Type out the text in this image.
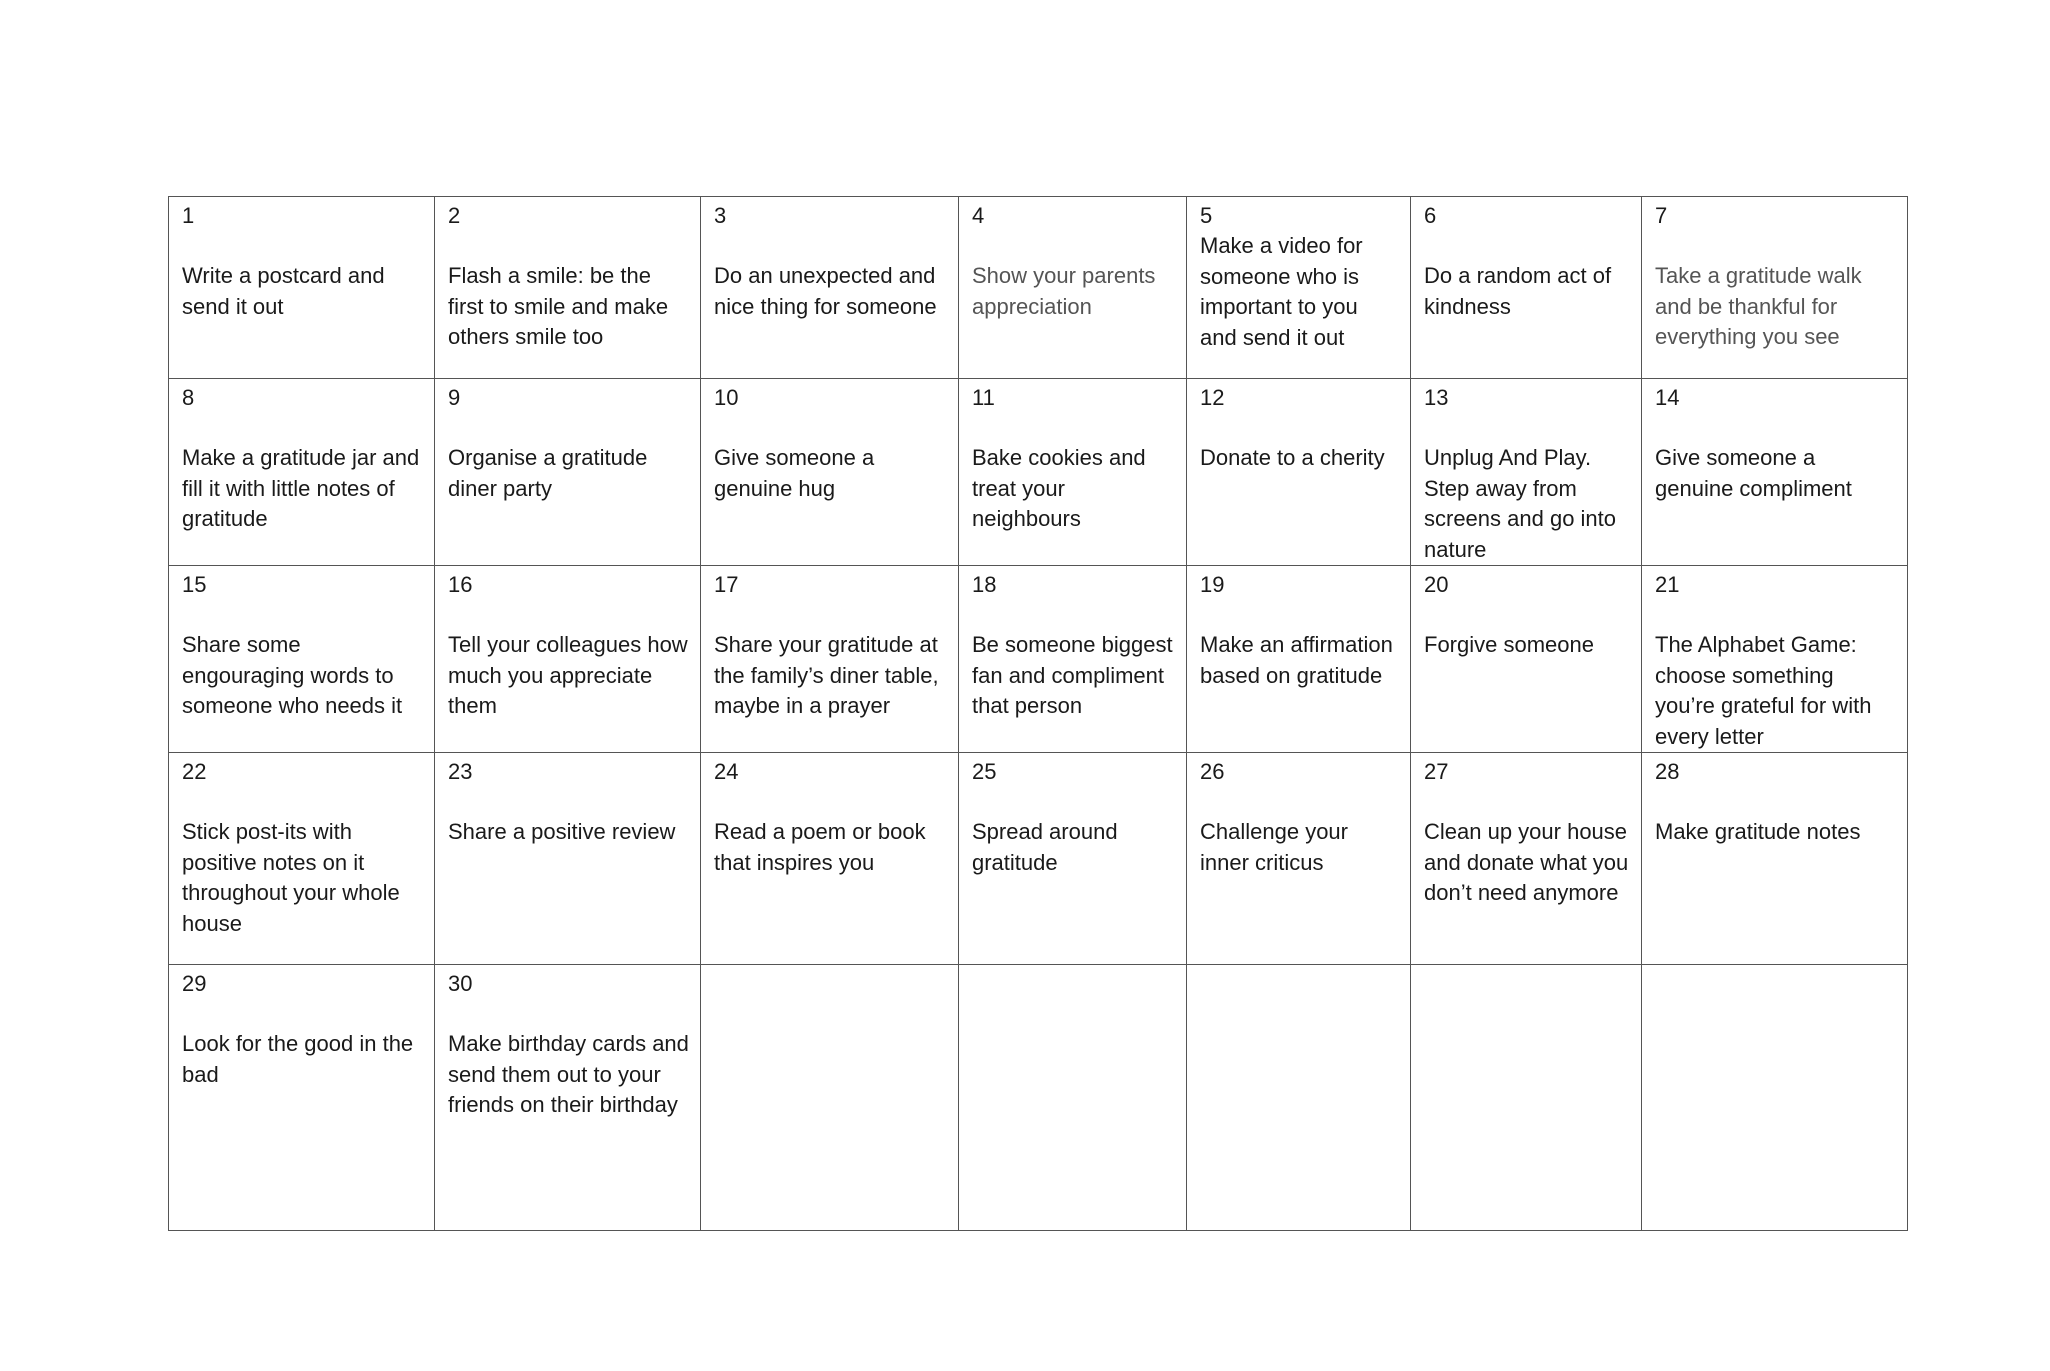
1
Write a postcard and send it out	2
Flash a smile: be the first to smile and make others smile too	3
Do an unexpected and nice thing for someone	4
Show your parents appreciation	5
Make a video for someone who is important to you and send it out	6
Do a random act of kindness	7
Take a gratitude walk and be thankful for everything you see

8
Make a gratitude jar and fill it with little notes of gratitude	9
Organise a gratitude diner party	10
Give someone a genuine hug	11
Bake cookies and treat your neighbours	12
Donate to a cherity	13
Unplug And Play. Step away from screens and go into nature	14
Give someone a genuine compliment

15
Share some engouraging words to someone who needs it	16
Tell your colleagues how much you appreciate them	17
Share your gratitude at the family’s diner table, maybe in a prayer	18
Be someone biggest fan and compliment that person	19
Make an affirmation based on gratitude	20
Forgive someone	21
The Alphabet Game: choose something you’re grateful for with every letter

22
Stick post-its with positive notes on it throughout your whole house	23
Share a positive review	24
Read a poem or book that inspires you	25
Spread around gratitude	26
Challenge your inner criticus	27
Clean up your house and donate what you don’t need anymore	28
Make gratitude notes

29
Look for the good in the bad	30
Make birthday cards and send them out to your friends on their birthday					
